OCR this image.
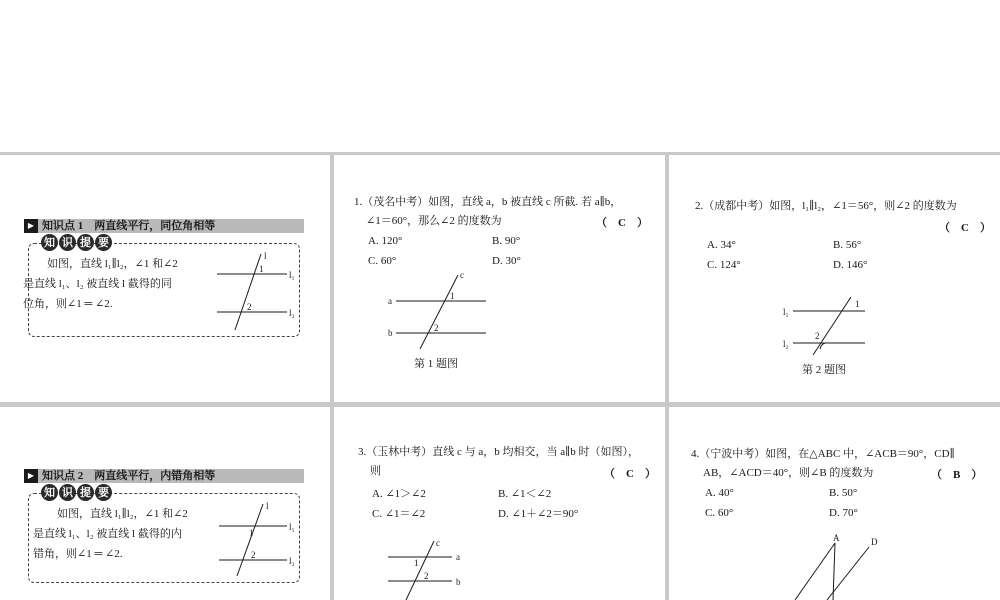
▶ 知识点 1　两直线平行，同位角相等
知 识 提 要
如图，直线 l₁∥l₂，∠1 和∠2
是直线 l₁、l₂ 被直线 l 截得的同
位角，则∠1 ═ ∠2.
l
1
2
l₁
l₂
1.（茂名中考）如图，直线 a，b 被直线 c 所截. 若 a∥b，
∠1＝60°，那么∠2 的度数为	（　C　）
A. 120°	B. 90°
C. 60°	D. 30°
c
a
b
1
2
第 1 题图
2.（成都中考）如图，l₁∥l₂，∠1＝56°，则∠2 的度数为
（　C　）
A. 34°	B. 56°
C. 124°	D. 146°
l₁
l₂
1
2
第 2 题图
▶ 知识点 2　两直线平行，内错角相等
知 识 提 要
如图，直线 l₁∥l₂，∠1 和∠2
是直线 l₁、l₂ 被直线 l 截得的内
错角，则∠1 ═ ∠2.
l
1
2
l₁
l₂
3.（玉林中考）直线 c 与 a，b 均相交，当 a∥b 时（如图），
则	（　C　）
A. ∠1＞∠2	B. ∠1＜∠2
C. ∠1＝∠2	D. ∠1＋∠2＝90°
c
a
b
1
2
4.（宁波中考）如图，在△ABC 中，∠ACB＝90°，CD∥
AB，∠ACD＝40°，则∠B 的度数为	（　B　）
A. 40°	B. 50°
C. 60°	D. 70°
A	D
